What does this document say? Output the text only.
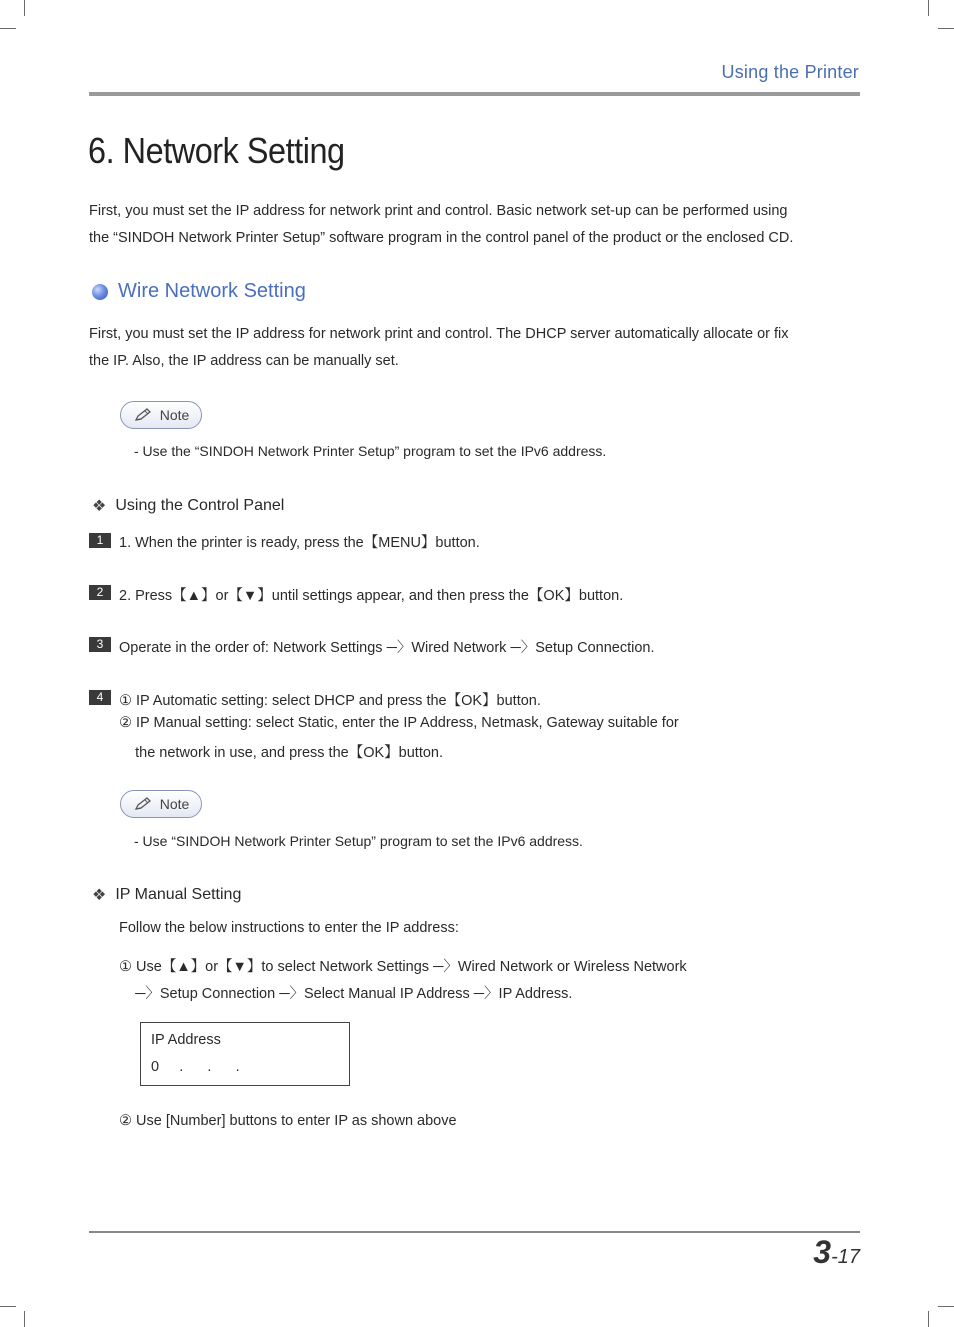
Using the Printer
6. Network Setting
First, you must set the IP address for network print and control. Basic network set-up can be performed using
the “SINDOH Network Printer Setup” software program in the control panel of the product or the enclosed CD.
Wire Network Setting
First, you must set the IP address for network print and control. The DHCP server automatically allocate or fix
the IP. Also, the IP address can be manually set.
Note
- Use the “SINDOH Network Printer Setup” program to set the IPv6 address.
❖ Using the Control Panel
1	1. When the printer is ready, press the【MENU】button.
2	2. Press【▲】or【▼】until settings appear, and then press the【OK】button.
3	Operate in the order of: Network Settings ─〉Wired Network ─〉Setup Connection.
4	① IP Automatic setting: select DHCP and press the【OK】button.
② IP Manual setting: select Static, enter the IP Address, Netmask, Gateway suitable for
the network in use, and press the【OK】button.
Note
- Use “SINDOH Network Printer Setup” program to set the IPv6 address.
❖ IP Manual Setting
Follow the below instructions to enter the IP address:
① Use【▲】or【▼】to select Network Settings ─〉Wired Network or Wireless Network
─〉Setup Connection ─〉Select Manual IP Address ─〉IP Address.
IP Address
0     .      .      .
② Use [Number] buttons to enter IP as shown above
3-17
